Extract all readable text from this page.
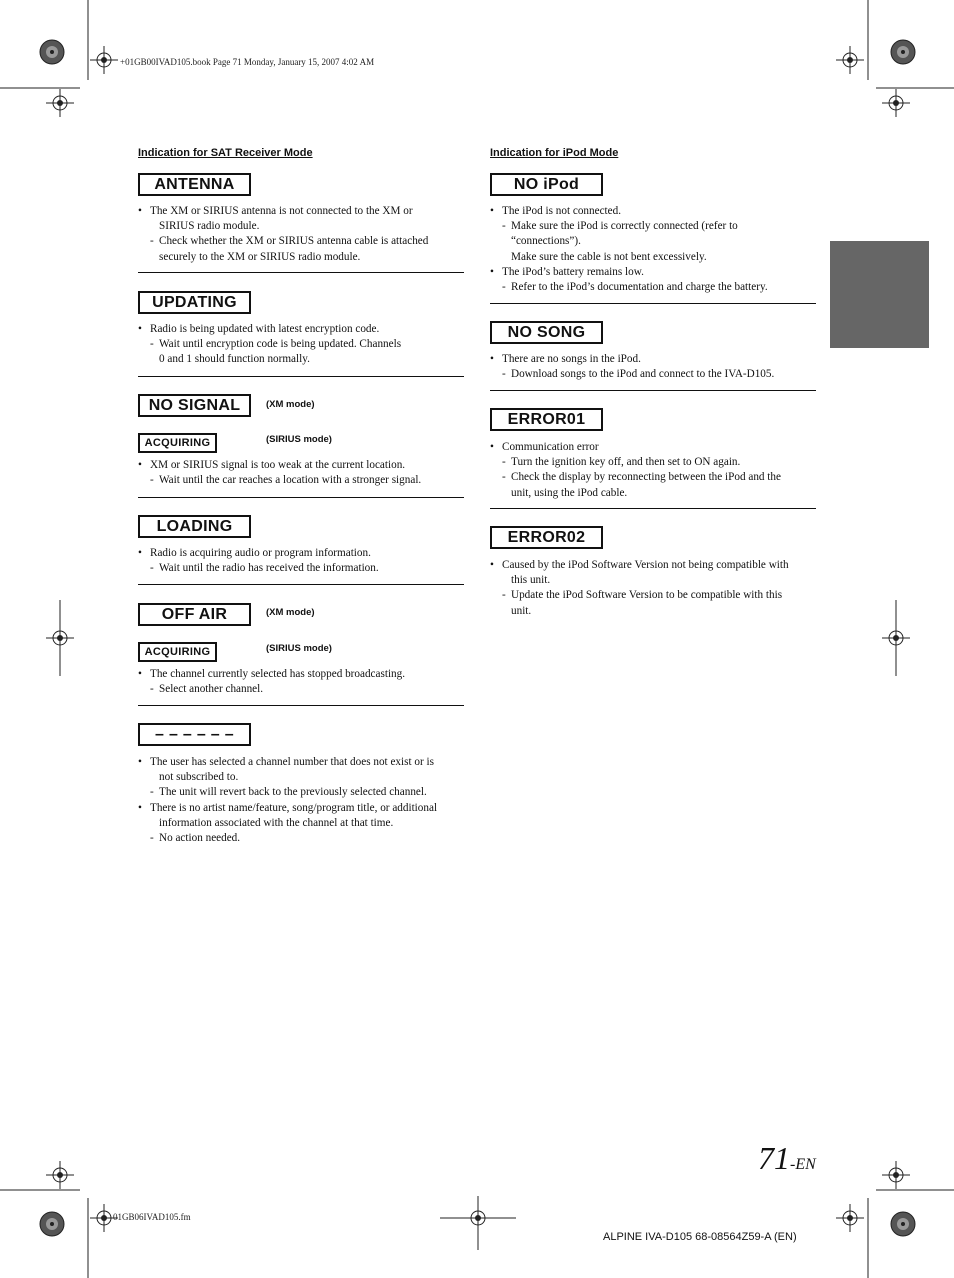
+01GB00IVAD105.book Page 71 Monday, January 15, 2007 4:02 AM
01GB06IVAD105.fm
Indication for SAT Receiver Mode
ANTENNA
• The XM or SIRIUS antenna is not connected to the XM or
SIRIUS radio module.
- Check whether the XM or SIRIUS antenna cable is attached
securely to the XM or SIRIUS radio module.
UPDATING
• Radio is being updated with latest encryption code.
- Wait until encryption code is being updated. Channels
0 and 1 should function normally.
NO SIGNAL	(XM mode)
ACQUIRING	(SIRIUS mode)
• XM or SIRIUS signal is too weak at the current location.
- Wait until the car reaches a location with a stronger signal.
LOADING
• Radio is acquiring audio or program information.
- Wait until the radio has received the information.
OFF AIR	(XM mode)
ACQUIRING	(SIRIUS mode)
• The channel currently selected has stopped broadcasting.
- Select another channel.
– – – – – –
• The user has selected a channel number that does not exist or is
not subscribed to.
- The unit will revert back to the previously selected channel.
• There is no artist name/feature, song/program title, or additional
information associated with the channel at that time.
- No action needed.
Indication for iPod Mode
NO iPod
• The iPod is not connected.
- Make sure the iPod is correctly connected (refer to
“connections”).
Make sure the cable is not bent excessively.
• The iPod’s battery remains low.
- Refer to the iPod’s documentation and charge the battery.
NO SONG
• There are no songs in the iPod.
- Download songs to the iPod and connect to the IVA-D105.
ERROR01
• Communication error
- Turn the ignition key off, and then set to ON again.
- Check the display by reconnecting between the iPod and the
unit, using the iPod cable.
ERROR02
• Caused by the iPod Software Version not being compatible with
this unit.
- Update the iPod Software Version to be compatible with this
unit.
71-EN
ALPINE IVA-D105 68-08564Z59-A (EN)
